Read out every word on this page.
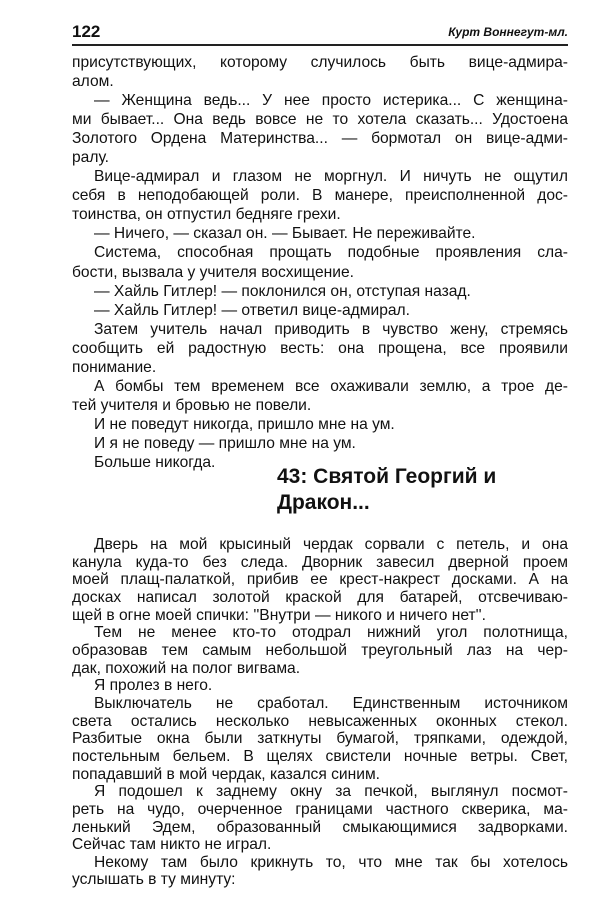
122	Курт Воннегут-мл.
присутствующих, которому случилось быть вице-адмира-
алом.
— Женщина ведь... У нее просто истерика... С женщина-
ми бывает... Она ведь вовсе не то хотела сказать... Удостоена
Золотого Ордена Материнства... — бормотал он вице-адми-
ралу.
Вице-адмирал и глазом не моргнул. И ничуть не ощутил
себя в неподобающей роли. В манере, преисполненной дос-
тоинства, он отпустил бедняге грехи.
— Ничего, — сказал он. — Бывает. Не переживайте.
Система, способная прощать подобные проявления сла-
бости, вызвала у учителя восхищение.
— Хайль Гитлер! — поклонился он, отступая назад.
— Хайль Гитлер! — ответил вице-адмирал.
Затем учитель начал приводить в чувство жену, стремясь
сообщить ей радостную весть: она прощена, все проявили
понимание.
А бомбы тем временем все охаживали землю, а трое де-
тей учителя и бровью не повели.
И не поведут никогда, пришло мне на ум.
И я не поведу — пришло мне на ум.
Больше никогда.
43: Святой Георгий и
Дракон...
Дверь на мой крысиный чердак сорвали с петель, и она
канула куда-то без следа. Дворник завесил дверной проем
моей плащ-палаткой, прибив ее крест-накрест досками. А на
досках написал золотой краской для батарей, отсвечиваю-
щей в огне моей спички: ''Внутри — никого и ничего нет''.
Тем не менее кто-то отодрал нижний угол полотнища,
образовав тем самым небольшой треугольный лаз на чер-
дак, похожий на полог вигвама.
Я пролез в него.
Выключатель не сработал. Единственным источником
света остались несколько невысаженных оконных стекол.
Разбитые окна были заткнуты бумагой, тряпками, одеждой,
постельным бельем. В щелях свистели ночные ветры. Свет,
попадавший в мой чердак, казался синим.
Я подошел к заднему окну за печкой, выглянул посмот-
реть на чудо, очерченное границами частного скверика, ма-
ленький Эдем, образованный смыкающимися задворками.
Сейчас там никто не играл.
Некому там было крикнуть то, что мне так бы хотелось
услышать в ту минуту:
